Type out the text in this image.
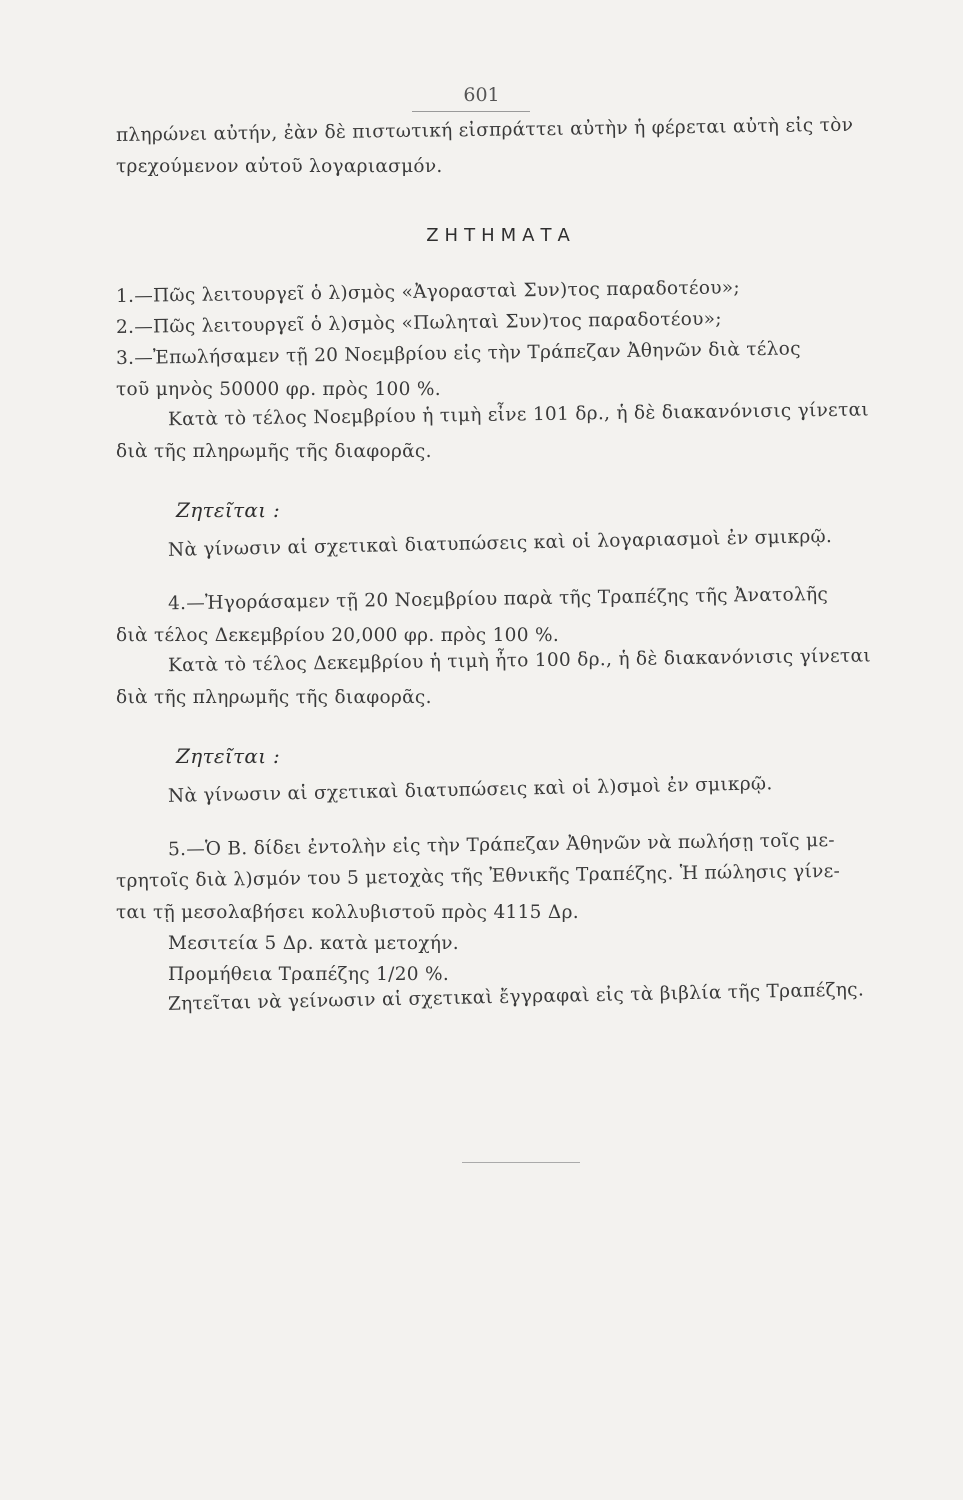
601
πληρώνει αὐτήν, ἐὰν δὲ πιστωτική εἰσπράττει αὐτὴν ἡ φέρεται αὐτὴ εἰς τὸν
τρεχούμενον αὐτοῦ λογαριασμόν.
ΖΗΤΗΜΑΤΑ
1.—Πῶς λειτουργεῖ ὁ λ)σμὸς «Ἀγορασταὶ Συν)τος παραδοτέου»;
2.—Πῶς λειτουργεῖ ὁ λ)σμὸς «Πωληταὶ Συν)τος παραδοτέου»;
3.—Ἐπωλήσαμεν τῇ 20 Νοεμβρίου εἰς τὴν Τράπεζαν Ἀθηνῶν διὰ τέλος
τοῦ μηνὸς 50000 φρ. πρὸς 100 %.
Κατὰ τὸ τέλος Νοεμβρίου ἡ τιμὴ εἶνε 101 δρ., ἡ δὲ διακανόνισις γίνεται
διὰ τῆς πληρωμῆς τῆς διαφορᾶς.
Ζητεῖται :
Νὰ γίνωσιν αἱ σχετικαὶ διατυπώσεις καὶ οἱ λογαριασμοὶ ἐν σμικρῷ.
4.—Ἠγοράσαμεν τῇ 20 Νοεμβρίου παρὰ τῆς Τραπέζης τῆς Ἀνατολῆς
διὰ τέλος Δεκεμβρίου 20,000 φρ. πρὸς 100 %.
Κατὰ τὸ τέλος Δεκεμβρίου ἡ τιμὴ ἦτο 100 δρ., ἡ δὲ διακανόνισις γίνεται
διὰ τῆς πληρωμῆς τῆς διαφορᾶς.
Ζητεῖται :
Νὰ γίνωσιν αἱ σχετικαὶ διατυπώσεις καὶ οἱ λ)σμοὶ ἐν σμικρῷ.
5.—Ὁ Β. δίδει ἐντολὴν εἰς τὴν Τράπεζαν Ἀθηνῶν νὰ πωλήσῃ τοῖς με-
τρητοῖς διὰ λ)σμόν του 5 μετοχὰς τῆς Ἐθνικῆς Τραπέζης. Ἡ πώλησις γίνε-
ται τῇ μεσολαβήσει κολλυβιστοῦ πρὸς 4115 Δρ.
Μεσιτεία 5 Δρ. κατὰ μετοχήν.
Προμήθεια Τραπέζης 1/20 %.
Ζητεῖται νὰ γείνωσιν αἱ σχετικαὶ ἔγγραφαὶ εἰς τὰ βιβλία τῆς Τραπέζης.
